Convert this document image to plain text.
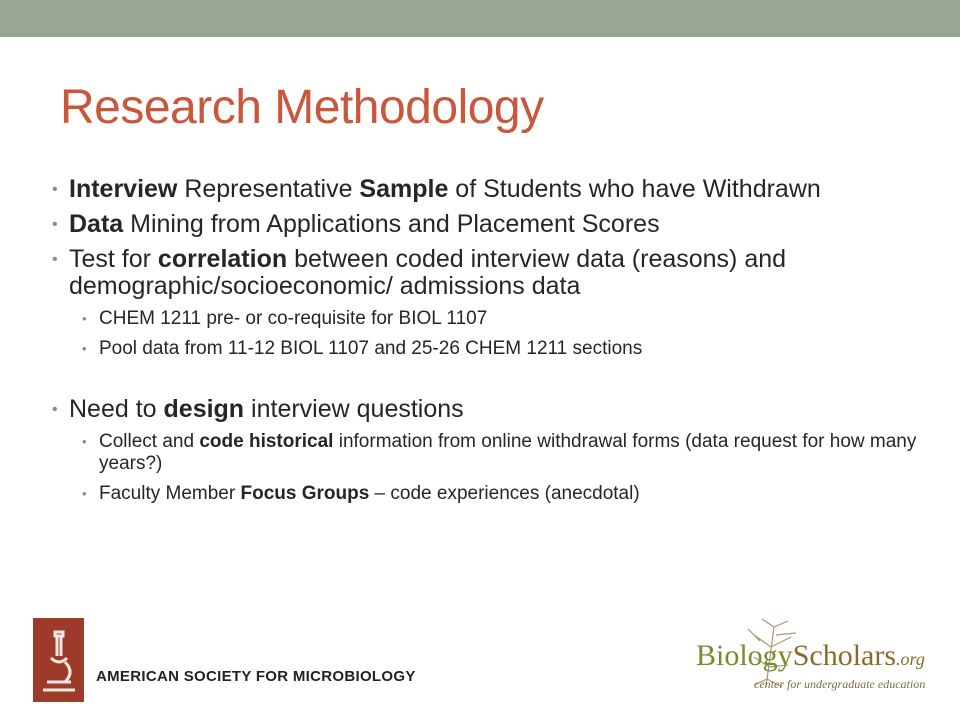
Research Methodology
• Interview Representative Sample of Students who have Withdrawn
• Data Mining from Applications and Placement Scores
• Test for correlation between coded interview data (reasons) and demographic/socioeconomic/ admissions data
• CHEM 1211 pre- or co-requisite for BIOL 1107
• Pool data from 11-12 BIOL 1107 and 25-26 CHEM 1211 sections
• Need to design interview questions
• Collect and code historical information from online withdrawal forms (data request for how many years?)
• Faculty Member Focus Groups – code experiences (anecdotal)
AMERICAN SOCIETY FOR MICROBIOLOGY
BiologyScholars.org
center for undergraduate education
